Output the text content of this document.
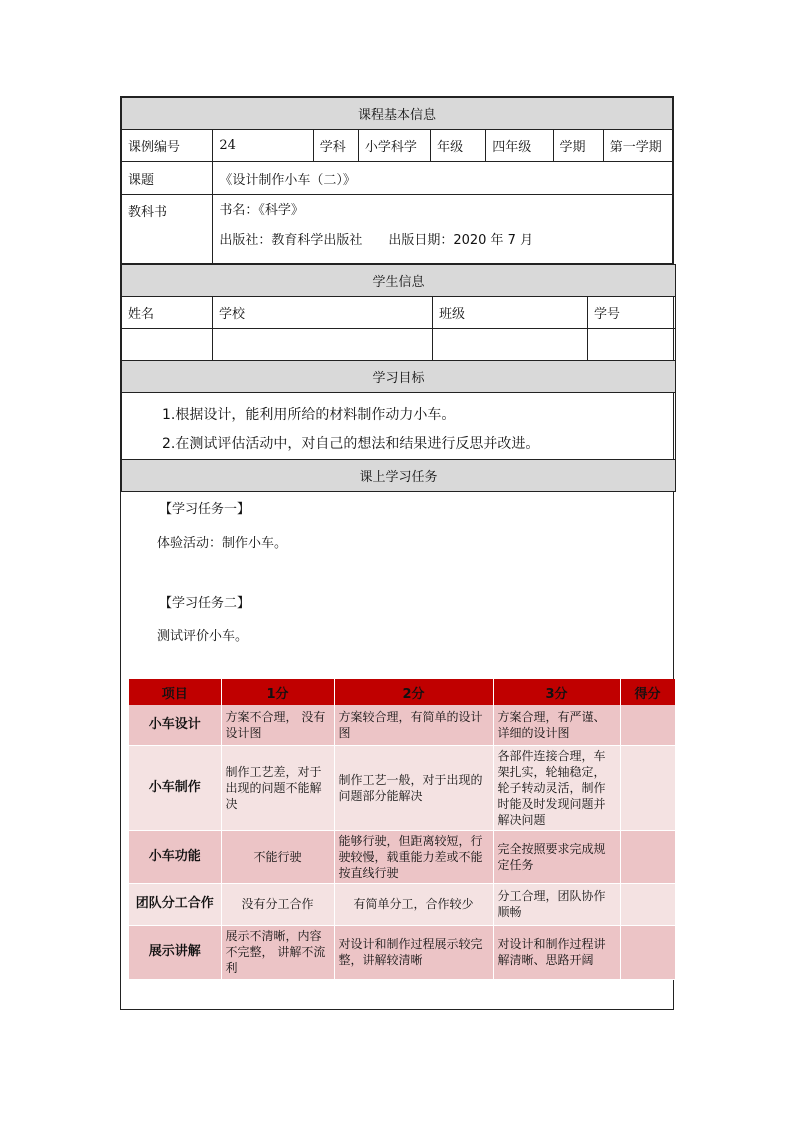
课程基本信息							
课例编号	24	学科	小学科学	年级	四年级	学期	第一学期
课题	《设计制作小车（二）》						
教科书	书名：《科学》
出版社：教育科学出版社　　出版日期：2020 年 7 月						
学生信息			
姓名	学校	班级	学号

学习目标			

1.根据设计，能利用所给的材料制作动力小车。
2.在测试评估活动中，对自己的想法和结果进行反思并改进。			

课上学习任务			
【学习任务一】
体验活动：制作小车。
【学习任务二】
测试评价小车。
项目	1分	2分	3分	得分
小车设计	方案不合理， 没有设计图	方案较合理，有简单的设计图	方案合理，有严谨、详细的设计图	
小车制作	制作工艺差，对于出现的问题不能解决	制作工艺一般，对于出现的问题部分能解决	各部件连接合理，车架扎实，轮轴稳定，轮子转动灵活，制作时能及时发现问题并解决问题	
小车功能	不能行驶	能够行驶，但距离较短，行驶较慢，载重能力差或不能按直线行驶	完全按照要求完成规定任务	
团队分工合作	没有分工合作	有简单分工，合作较少	分工合理，团队协作顺畅	
展示讲解	展示不清晰，内容不完整， 讲解不流利	对设计和制作过程展示较完整，讲解较清晰	对设计和制作过程讲解清晰、思路开阔	
